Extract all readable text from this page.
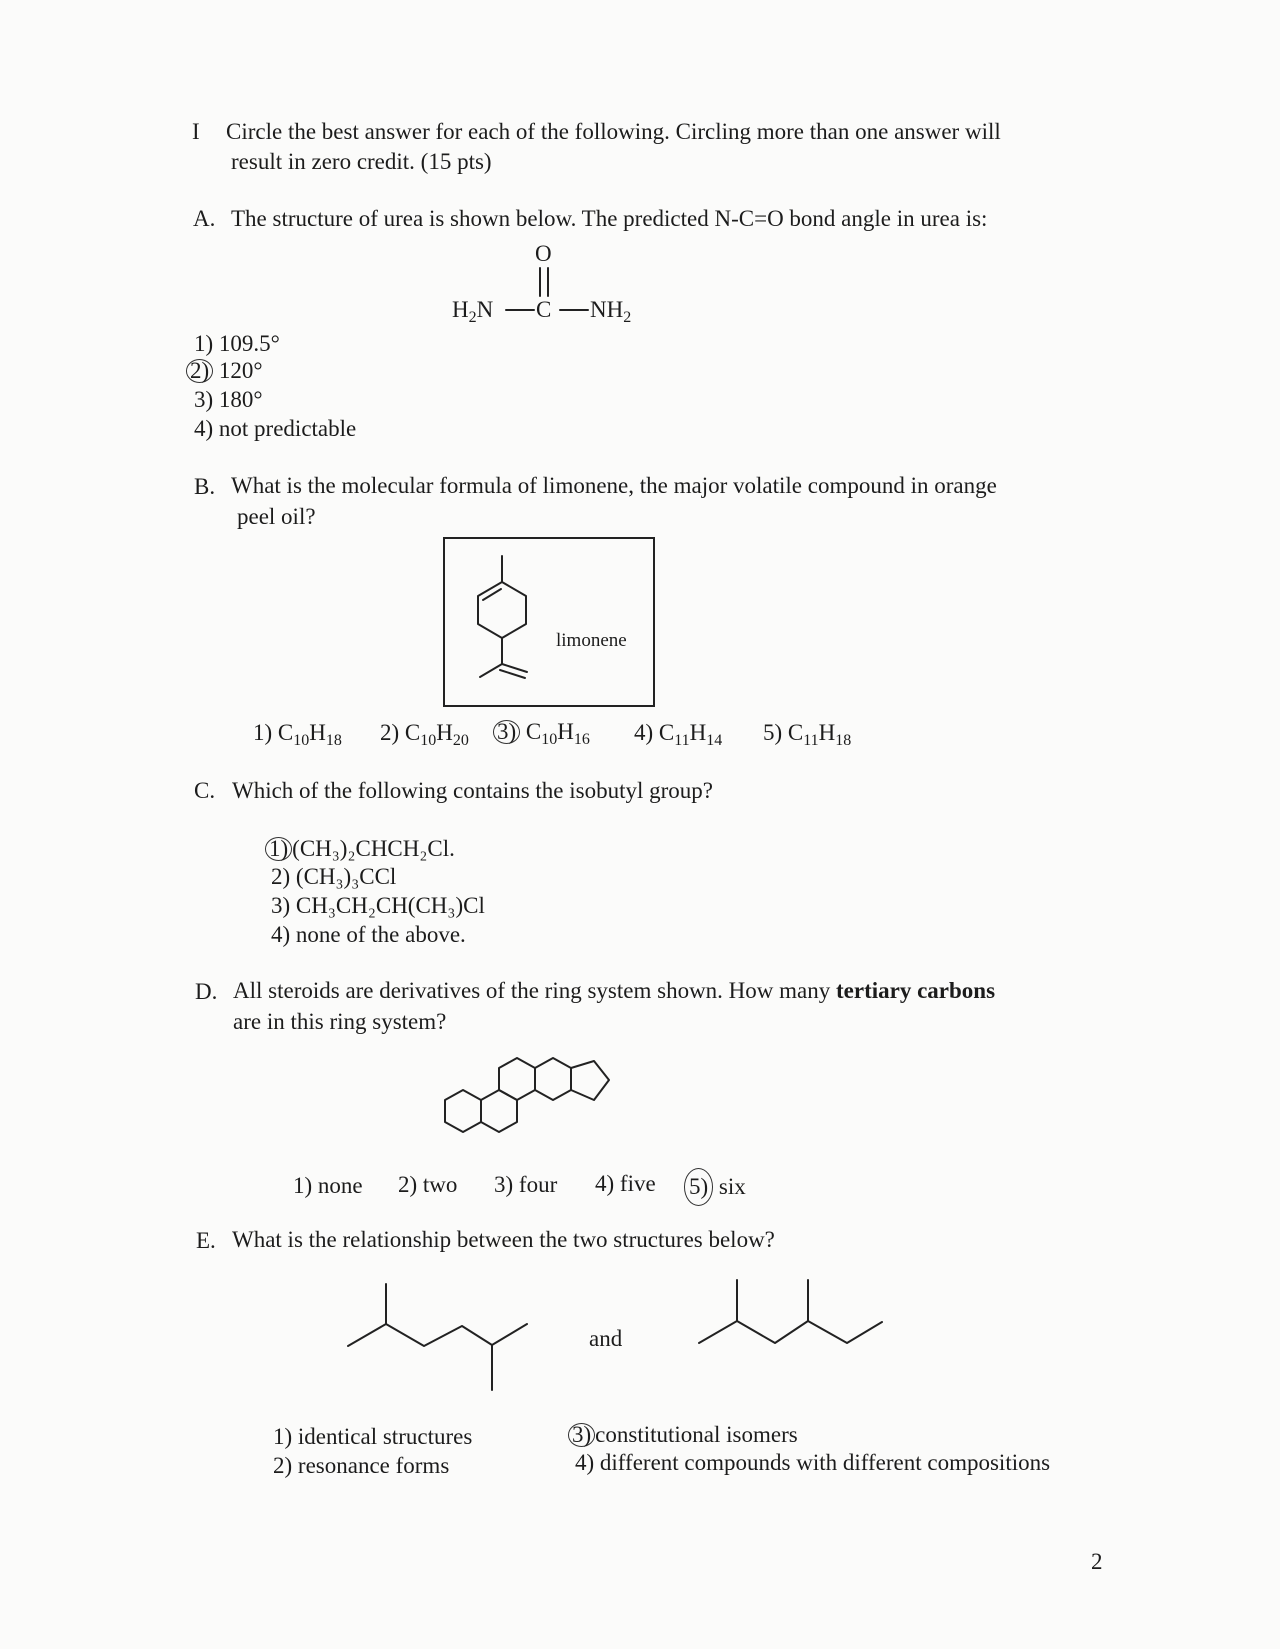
I Circle the best answer for each of the following. Circling more than one answer will
result in zero credit. (15 pts)
A. The structure of urea is shown below. The predicted N-C=O bond angle in urea is:
O
$H_2N$ C $NH_2$
1) 109.5°
2) 120°
3) 180°
4) not predictable
B. What is the molecular formula of limonene, the major volatile compound in orange
peel oil?
limonene
1) $C_{10}H_{18}$ 2) $C_{10}H_{20}$ 3) $C_{10}H_{16}$ 4) $C_{11}H_{14}$ 5) $C_{11}H_{18}$
C. Which of the following contains the isobutyl group?
1) (CH₃)₂CHCH₂Cl.
2) (CH₃)₃CCl
3) CH₃CH₂CH(CH₃)Cl
4) none of the above.
D. All steroids are derivatives of the ring system shown. How many tertiary carbons
are in this ring system?
1) none 2) two 3) four 4) five 5) six
E. What is the relationship between the two structures below?
and
1) identical structures
2) resonance forms
3) constitutional isomers
4) different compounds with different compositions
2
